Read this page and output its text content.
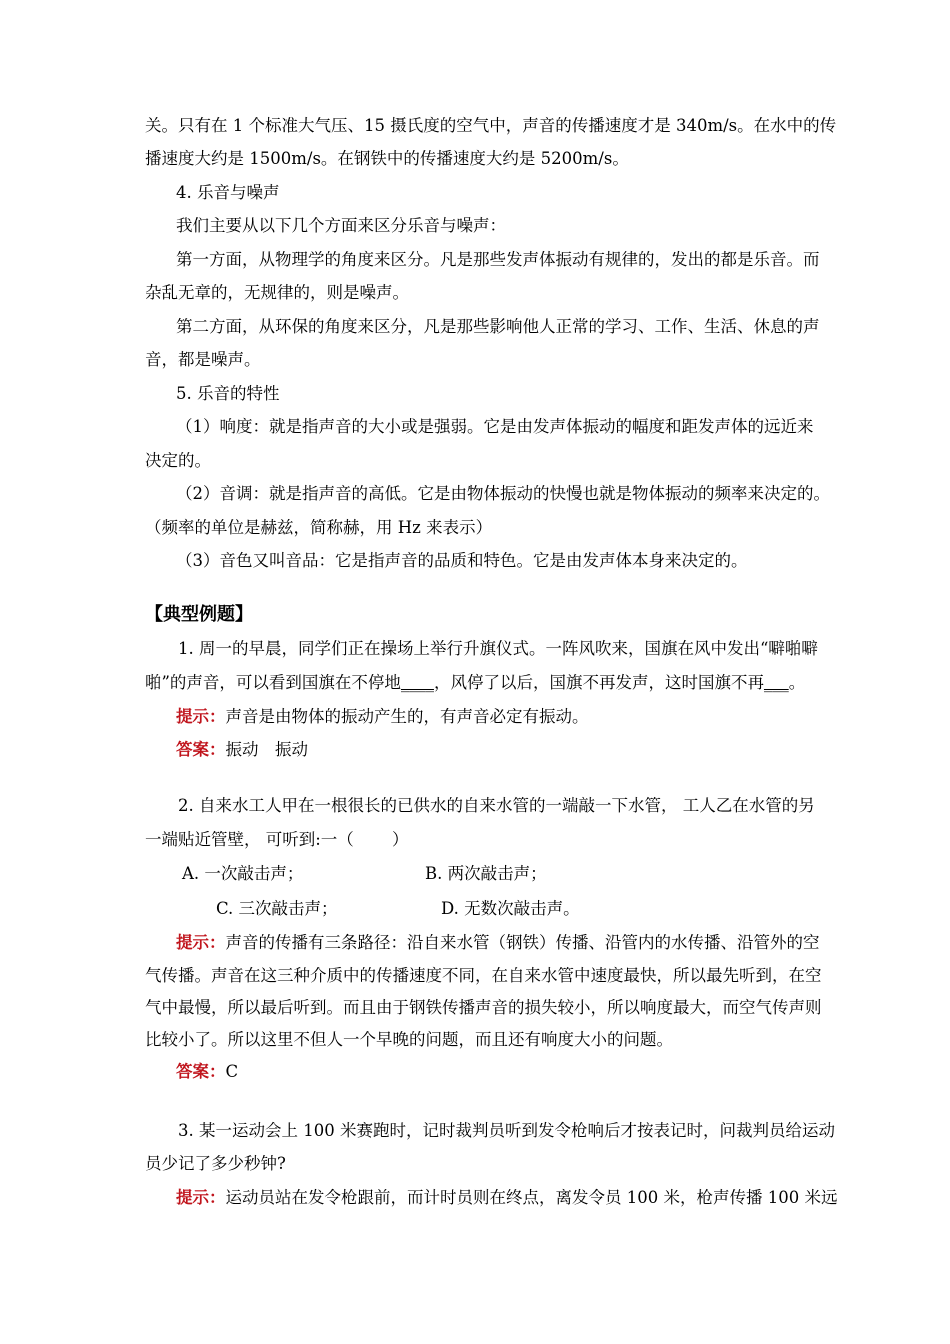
关。只有在 1 个标准大气压、15 摄氏度的空气中，声音的传播速度才是 340m/s。在水中的传
播速度大约是 1500m/s。在钢铁中的传播速度大约是 5200m/s。
4. 乐音与噪声
我们主要从以下几个方面来区分乐音与噪声：
第一方面，从物理学的角度来区分。凡是那些发声体振动有规律的，发出的都是乐音。而
杂乱无章的，无规律的，则是噪声。
第二方面，从环保的角度来区分，凡是那些影响他人正常的学习、工作、生活、休息的声
音，都是噪声。
5. 乐音的特性
（1）响度：就是指声音的大小或是强弱。它是由发声体振动的幅度和距发声体的远近来
决定的。
（2）音调：就是指声音的高低。它是由物体振动的快慢也就是物体振动的频率来决定的。
（频率的单位是赫兹，简称赫，用 Hz 来表示）
（3）音色又叫音品：它是指声音的品质和特色。它是由发声体本身来决定的。
【典型例题】
1. 周一的早晨，同学们正在操场上举行升旗仪式。一阵风吹来，国旗在风中发出“噼啪噼
啪”的声音，可以看到国旗在不停地____，风停了以后，国旗不再发声，这时国旗不再___。
提示：声音是由物体的振动产生的，有声音必定有振动。
答案：振动　振动
2. 自来水工人甲在一根很长的已供水的自来水管的一端敲一下水管， 工人乙在水管的另
一端贴近管壁， 可听到:一（　　 ）
A. 一次敲击声；	B. 两次敲击声；
C. 三次敲击声；	D. 无数次敲击声。
提示：声音的传播有三条路径：沿自来水管（钢铁）传播、沿管内的水传播、沿管外的空
气传播。声音在这三种介质中的传播速度不同，在自来水管中速度最快，所以最先听到，在空
气中最慢，所以最后听到。而且由于钢铁传播声音的损失较小，所以响度最大，而空气传声则
比较小了。所以这里不但人一个早晚的问题，而且还有响度大小的问题。
答案：C
3. 某一运动会上 100 米赛跑时，记时裁判员听到发令枪响后才按表记时，问裁判员给运动
员少记了多少秒钟?
提示：运动员站在发令枪跟前，而计时员则在终点，离发令员 100 米，枪声传播 100 米远
